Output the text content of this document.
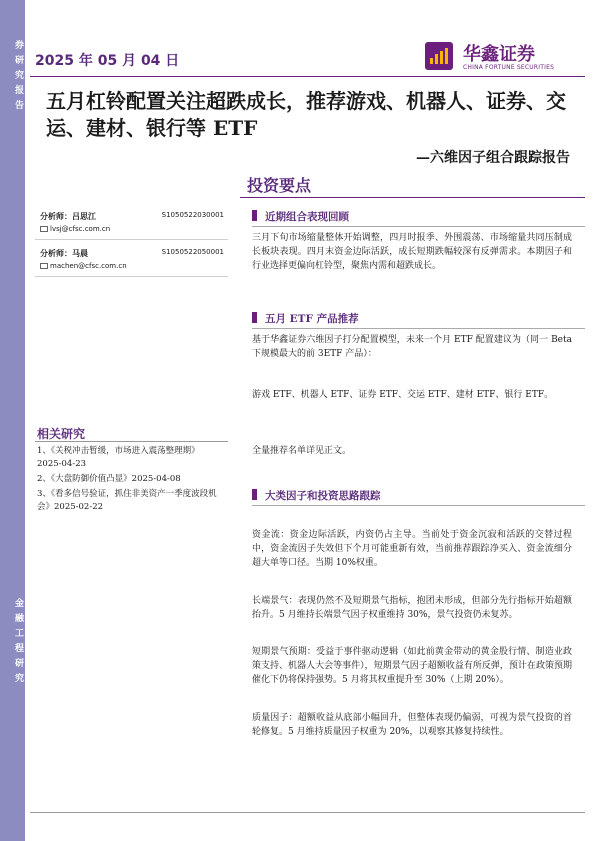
券研究报告
金融工程研究
2025 年 05 月 04 日	华鑫证券
CHINA FORTUNE SECURITIES
五月杠铃配置关注超跌成长，推荐游戏、机器人、证券、交运、建材、银行等 ETF
—六维因子组合跟踪报告
投资要点
分析师：吕思江	S1050522030001
lvsj@cfsc.com.cn
分析师：马晨	S1050522050001
machen@cfsc.com.cn
相关研究
1、《关税冲击暂缓，市场进入震荡整理期》2025-04-23
2、《大盘防御价值凸显》2025-04-08
3、《看多信号验证，抓住非美资产一季度波段机会》2025-02-22
近期组合表现回顾

三月下旬市场缩量整体开始调整，四月时报季、外围震荡、市场缩量共同压制成长板块表现。四月末资金边际活跃，成长短期跌幅较深有反弹需求。本期因子和行业选择更偏向杠铃型，聚焦内需和超跌成长。

五月 ETF 产品推荐

基于华鑫证券六维因子打分配置模型，未来一个月 ETF 配置建议为（同一 Beta 下规模最大的前 3ETF 产品）：

游戏 ETF、机器人 ETF、证券 ETF、交运 ETF、建材 ETF、银行 ETF。

全量推荐名单详见正文。

大类因子和投资思路跟踪

资金流：资金边际活跃，内资仍占主导。当前处于资金沉寂和活跃的交替过程中，资金流因子失效但下个月可能重新有效，当前推荐跟踪净买入、资金流细分超大单等口径。当期 10%权重。

长端景气：表现仍然不及短期景气指标，抱团未形成，但部分先行指标开始超额抬升。5 月维持长端景气因子权重维持 30%，景气投资仍未复苏。

短期景气预期：受益于事件驱动逻辑（如此前黄金带动的黄金股行情、制造业政策支持、机器人大会等事件），短期景气因子超额收益有所反弹，预计在政策预期催化下仍将保持强势。5 月将其权重提升至 30%（上期 20%）。

质量因子：超额收益从底部小幅回升，但整体表现仍偏弱，可视为景气投资的首轮修复。5 月维持质量因子权重为 20%，以观察其修复持续性。
